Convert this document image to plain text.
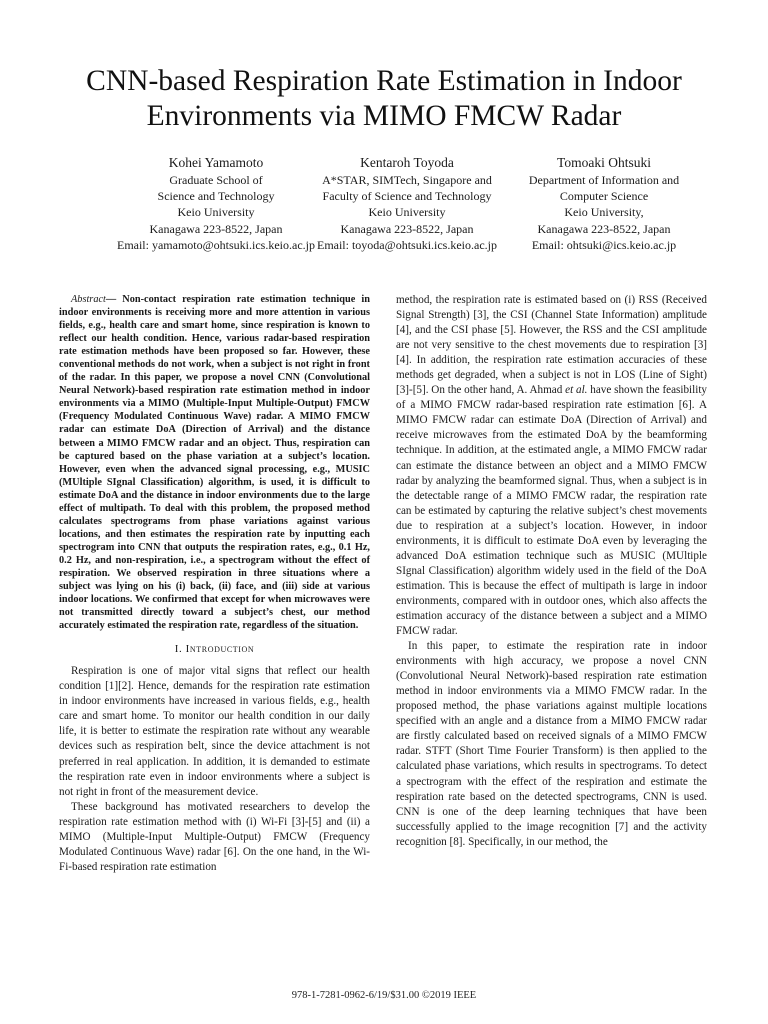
CNN-based Respiration Rate Estimation in Indoor
Environments via MIMO FMCW Radar
Kohei Yamamoto
Graduate School of
Science and Technology
Keio University
Kanagawa 223-8522, Japan
Email: yamamoto@ohtsuki.ics.keio.ac.jp
Kentaroh Toyoda
A*STAR, SIMTech, Singapore and
Faculty of Science and Technology
Keio University
Kanagawa 223-8522, Japan
Email: toyoda@ohtsuki.ics.keio.ac.jp
Tomoaki Ohtsuki
Department of Information and
Computer Science
Keio University,
Kanagawa 223-8522, Japan
Email: ohtsuki@ics.keio.ac.jp

Abstract— Non-contact respiration rate estimation technique in indoor environments is receiving more and more attention in various fields, e.g., health care and smart home, since respiration is known to reflect our health condition. Hence, various radar-based respiration rate estimation methods have been proposed so far. However, these conventional methods do not work, when a subject is not right in front of the radar. In this paper, we propose a novel CNN (Convolutional Neural Network)-based respiration rate estimation method in indoor environments via a MIMO (Multiple-Input Multiple-Output) FMCW (Frequency Modulated Continuous Wave) radar. A MIMO FMCW radar can estimate DoA (Direction of Arrival) and the distance between a MIMO FMCW radar and an object. Thus, respiration can be captured based on the phase variation at a subject’s location. However, even when the advanced signal processing, e.g., MUSIC (MUltiple SIgnal Classification) algorithm, is used, it is difficult to estimate DoA and the distance in indoor environments due to the large effect of multipath. To deal with this problem, the proposed method calculates spectrograms from phase variations against various locations, and then estimates the respiration rate by inputting each spectrogram into CNN that outputs the respiration rates, e.g., 0.1 Hz, 0.2 Hz, and non-respiration, i.e., a spectrogram without the effect of respiration. We observed respiration in three situations where a subject was lying on his (i) back, (ii) face, and (iii) side at various indoor locations. We confirmed that except for when microwaves were not transmitted directly toward a subject’s chest, our method accurately estimated the respiration rate, regardless of the situation.

I. Introduction

Respiration is one of major vital signs that reflect our health condition [1][2]. Hence, demands for the respiration rate estimation in indoor environments have increased in various fields, e.g., health care and smart home. To monitor our health condition in our daily life, it is better to estimate the respiration rate without any wearable devices such as respiration belt, since the device attachment is not preferred in real application. In addition, it is demanded to estimate the respiration rate even in indoor environments where a subject is not right in front of the measurement device.

These background has motivated researchers to develop the respiration rate estimation method with (i) Wi-Fi [3]-[5] and (ii) a MIMO (Multiple-Input Multiple-Output) FMCW (Frequency Modulated Continuous Wave) radar [6]. On the one hand, in the Wi-Fi-based respiration rate estimation

method, the respiration rate is estimated based on (i) RSS (Received Signal Strength) [3], the CSI (Channel State Information) amplitude [4], and the CSI phase [5]. However, the RSS and the CSI amplitude are not very sensitive to the chest movements due to respiration [3][4]. In addition, the respiration rate estimation accuracies of these methods get degraded, when a subject is not in LOS (Line of Sight) [3]-[5]. On the other hand, A. Ahmad et al. have shown the feasibility of a MIMO FMCW radar-based respiration rate estimation [6]. A MIMO FMCW radar can estimate DoA (Direction of Arrival) and receive microwaves from the estimated DoA by the beamforming technique. In addition, at the estimated angle, a MIMO FMCW radar can estimate the distance between an object and a MIMO FMCW radar by analyzing the beamformed signal. Thus, when a subject is in the detectable range of a MIMO FMCW radar, the respiration rate can be estimated by capturing the relative subject’s chest movements due to respiration at a subject’s location. However, in indoor environments, it is difficult to estimate DoA even by leveraging the advanced DoA estimation technique such as MUSIC (MUltiple SIgnal Classification) algorithm widely used in the field of the DoA estimation. This is because the effect of multipath is large in indoor environments, compared with in outdoor ones, which also affects the estimation accuracy of the distance between a subject and a MIMO FMCW radar.

In this paper, to estimate the respiration rate in indoor environments with high accuracy, we propose a novel CNN (Convolutional Neural Network)-based respiration rate estimation method in indoor environments via a MIMO FMCW radar. In the proposed method, the phase variations against multiple locations specified with an angle and a distance from a MIMO FMCW radar are firstly calculated based on received signals of a MIMO FMCW radar. STFT (Short Time Fourier Transform) is then applied to the calculated phase variations, which results in spectrograms. To detect a spectrogram with the effect of the respiration and estimate the respiration rate based on the detected spectrograms, CNN is used. CNN is one of the deep learning techniques that have been successfully applied to the image recognition [7] and the activity recognition [8]. Specifically, in our method, the

978-1-7281-0962-6/19/$31.00 ©2019 IEEE
